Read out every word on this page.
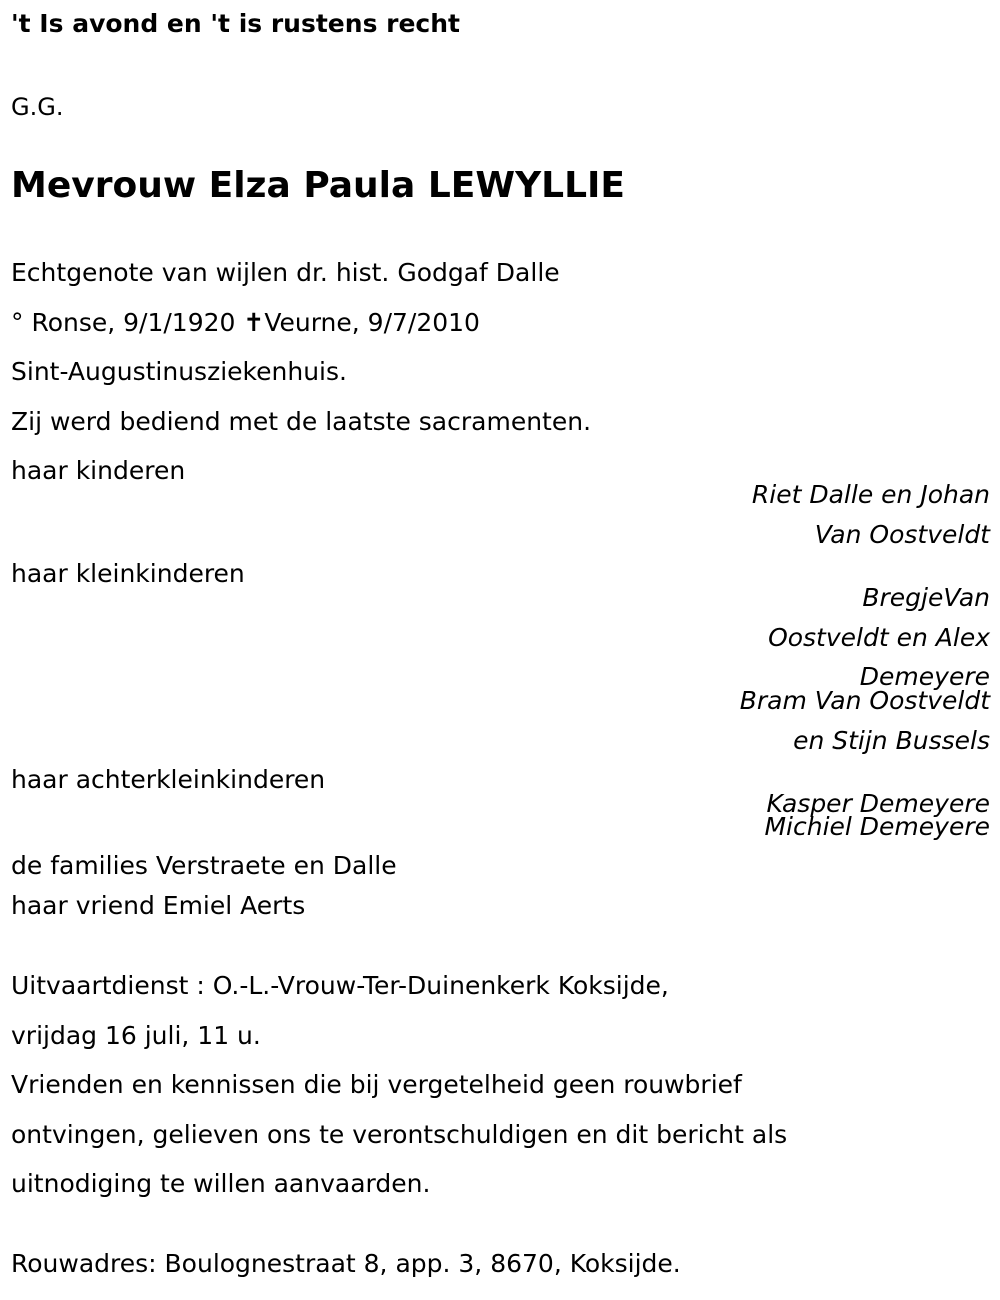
't Is avond en 't is rustens recht

G.G.

Mevrouw Elza Paula LEWYLLIE

Echtgenote van wijlen dr. hist. Godgaf Dalle

° Ronse, 9/1/1920 ✝Veurne, 9/7/2010

Sint-Augustinusziekenhuis.

Zij werd bediend met de laatste sacramenten.

haar kinderen

Riet Dalle en Johan

Van Oostveldt

haar kleinkinderen

BregjeVan

Oostveldt en Alex

Demeyere

Bram Van Oostveldt

en Stijn Bussels

haar achterkleinkinderen

Kasper Demeyere

Michiel Demeyere

de families Verstraete en Dalle

haar vriend Emiel Aerts

Uitvaartdienst : O.-L.-Vrouw-Ter-Duinenkerk Koksijde,

vrijdag 16 juli, 11 u.

Vrienden en kennissen die bij vergetelheid geen rouwbrief

ontvingen, gelieven ons te verontschuldigen en dit bericht als

uitnodiging te willen aanvaarden.

Rouwadres: Boulognestraat 8, app. 3, 8670, Koksijde.
